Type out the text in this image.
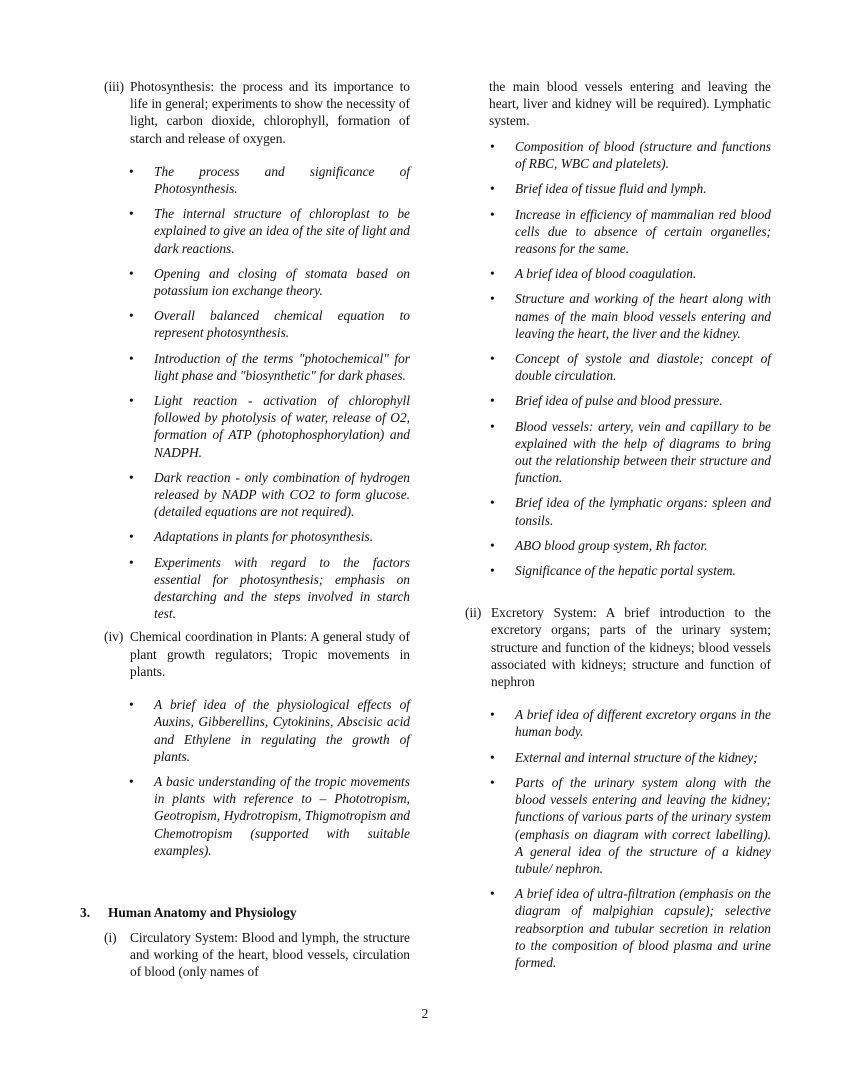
(iii) Photosynthesis: the process and its importance to life in general; experiments to show the necessity of light, carbon dioxide, chlorophyll, formation of starch and release of oxygen.
• The process and significance of Photosynthesis.
• The internal structure of chloroplast to be explained to give an idea of the site of light and dark reactions.
• Opening and closing of stomata based on potassium ion exchange theory.
• Overall balanced chemical equation to represent photosynthesis.
• Introduction of the terms "photochemical" for light phase and "biosynthetic" for dark phases.
• Light reaction - activation of chlorophyll followed by photolysis of water, release of O2, formation of ATP (photophosphorylation) and NADPH.
• Dark reaction - only combination of hydrogen released by NADP with CO2 to form glucose. (detailed equations are not required).
• Adaptations in plants for photosynthesis.
• Experiments with regard to the factors essential for photosynthesis; emphasis on destarching and the steps involved in starch test.
(iv) Chemical coordination in Plants: A general study of plant growth regulators; Tropic movements in plants.
• A brief idea of the physiological effects of Auxins, Gibberellins, Cytokinins, Abscisic acid and Ethylene in regulating the growth of plants.
• A basic understanding of the tropic movements in plants with reference to – Phototropism, Geotropism, Hydrotropism, Thigmotropism and Chemotropism (supported with suitable examples).
3. Human Anatomy and Physiology
(i) Circulatory System: Blood and lymph, the structure and working of the heart, blood vessels, circulation of blood (only names of
the main blood vessels entering and leaving the heart, liver and kidney will be required). Lymphatic system.
• Composition of blood (structure and functions of RBC, WBC and platelets).
• Brief idea of tissue fluid and lymph.
• Increase in efficiency of mammalian red blood cells due to absence of certain organelles; reasons for the same.
• A brief idea of blood coagulation.
• Structure and working of the heart along with names of the main blood vessels entering and leaving the heart, the liver and the kidney.
• Concept of systole and diastole; concept of double circulation.
• Brief idea of pulse and blood pressure.
• Blood vessels: artery, vein and capillary to be explained with the help of diagrams to bring out the relationship between their structure and function.
• Brief idea of the lymphatic organs: spleen and tonsils.
• ABO blood group system, Rh factor.
• Significance of the hepatic portal system.
(ii) Excretory System: A brief introduction to the excretory organs; parts of the urinary system; structure and function of the kidneys; blood vessels associated with kidneys; structure and function of nephron
• A brief idea of different excretory organs in the human body.
• External and internal structure of the kidney;
• Parts of the urinary system along with the blood vessels entering and leaving the kidney; functions of various parts of the urinary system (emphasis on diagram with correct labelling). A general idea of the structure of a kidney tubule/ nephron.
• A brief idea of ultra-filtration (emphasis on the diagram of malpighian capsule); selective reabsorption and tubular secretion in relation to the composition of blood plasma and urine formed.
2
